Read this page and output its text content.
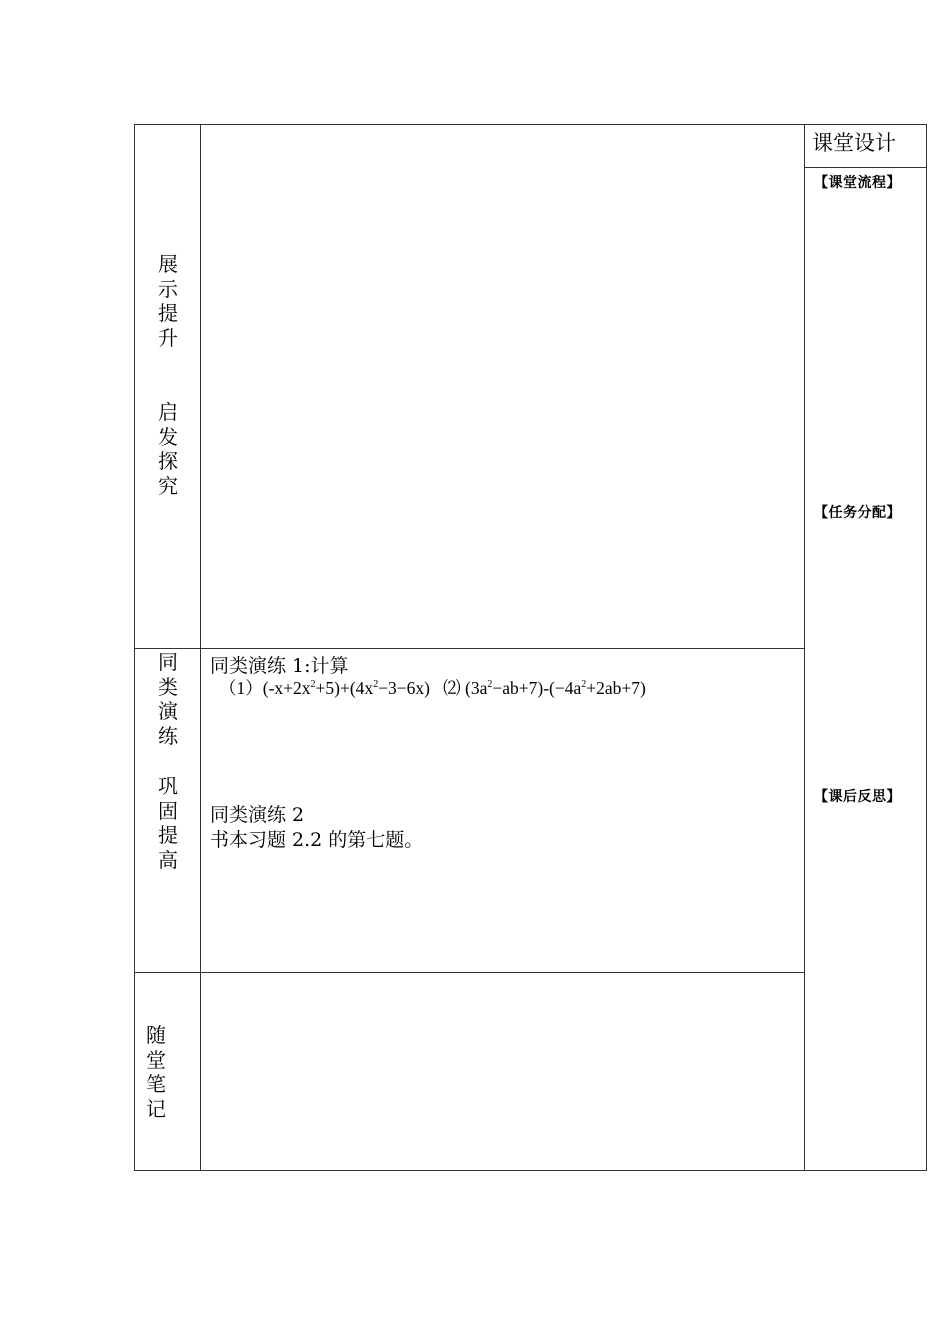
展
示
提
升
启
发
探
究
同
类
演
练
巩
固
提
高
随
堂
笔
记
同类演练 1:计算
$(1)(-x+2x^2+5)+(4x^2-3-6x)$ ⑵ $(3a^2-ab+7)-(-4a^2+2ab+7)$
同类演练 2
书本习题 2.2 的第七题。
课堂设计
【课堂流程】
【任务分配】
【课后反思】
